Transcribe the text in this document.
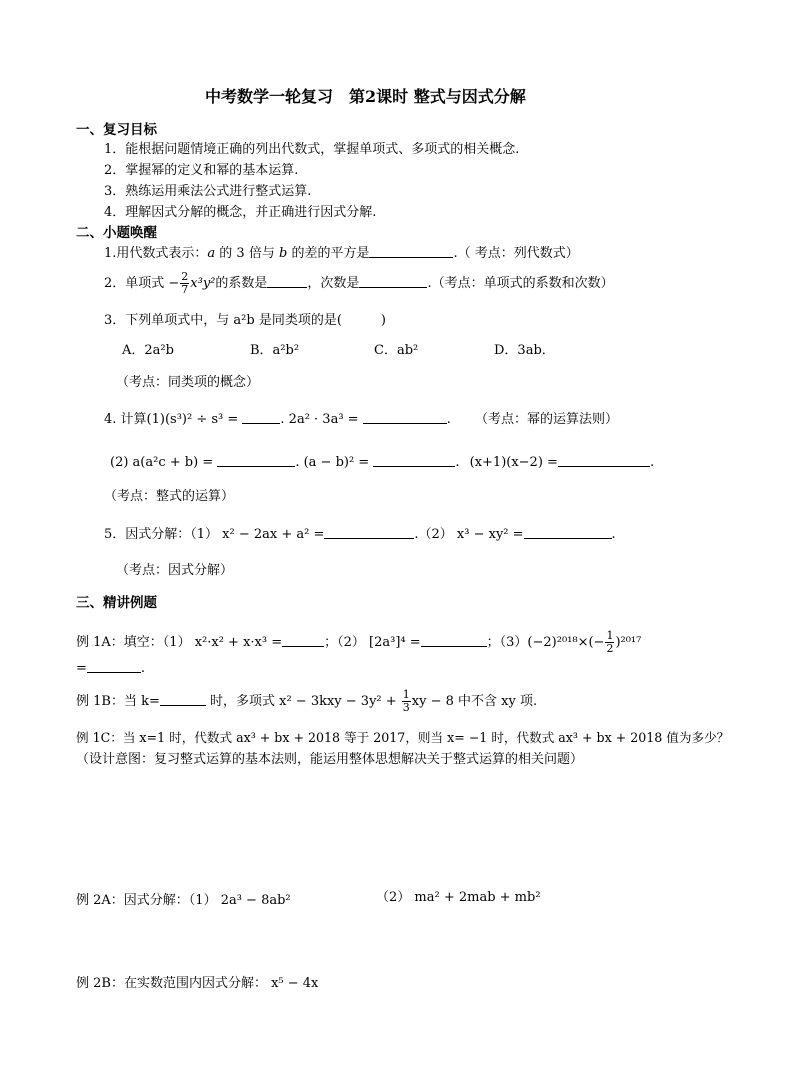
中考数学一轮复习　第2课时 整式与因式分解
一、复习目标
1．能根据问题情境正确的列出代数式，掌握单项式、多项式的相关概念.
2．掌握幂的定义和幂的基本运算.
3．熟练运用乘法公式进行整式运算.
4．理解因式分解的概念，并正确进行因式分解.
二、小题唤醒
1.用代数式表示：a 的 3 倍与 b 的差的平方是	.（ 考点：列代数式）
2．单项式 − $\frac{2}{7} x^3y^2$的系数是	，次数是	.（考点：单项式的系数和次数）
3．下列单项式中，与 a²b 是同类项的是(　　　)
A．2a²b	B．a²b²	C．ab²	D．3ab．
（考点：同类项的概念）
4. 计算(1)(s³)² ÷ s³ =	. 2a² · 3a³ =	. （考点：幂的运算法则）
(2) a(a²c + b) =	. (a − b)² =	. (x+1)(x−2) =	.
（考点：整式的运算）
5．因式分解：（1） x² − 2ax + a² =	.（2） x³ − xy² =	.
（考点：因式分解）
三、精讲例题
例 1A：填空：（1） x²·x² + x·x³ =	；（2） [2a³]⁴ =	；$(3)(-2)^{2018}\times(- \frac{1}{2} )^{2017}$
=	.
例 1B：当 k=	时，多项式 $x^2 - 3kxy - 3y^2 + \frac{1}{3}$ xy − 8 中不含 xy 项.
例 1C：当 x=1 时，代数式 ax³ + bx + 2018 等于 2017，则当 x= −1 时，代数式 ax³ + bx + 2018 值为多少？
（设计意图：复习整式运算的基本法则，能运用整体思想解决关于整式运算的相关问题）
例 2A：因式分解：（1） 2a³ − 8ab²	（2） ma² + 2mab + mb²
例 2B：在实数范围内因式分解： x⁵ − 4x
